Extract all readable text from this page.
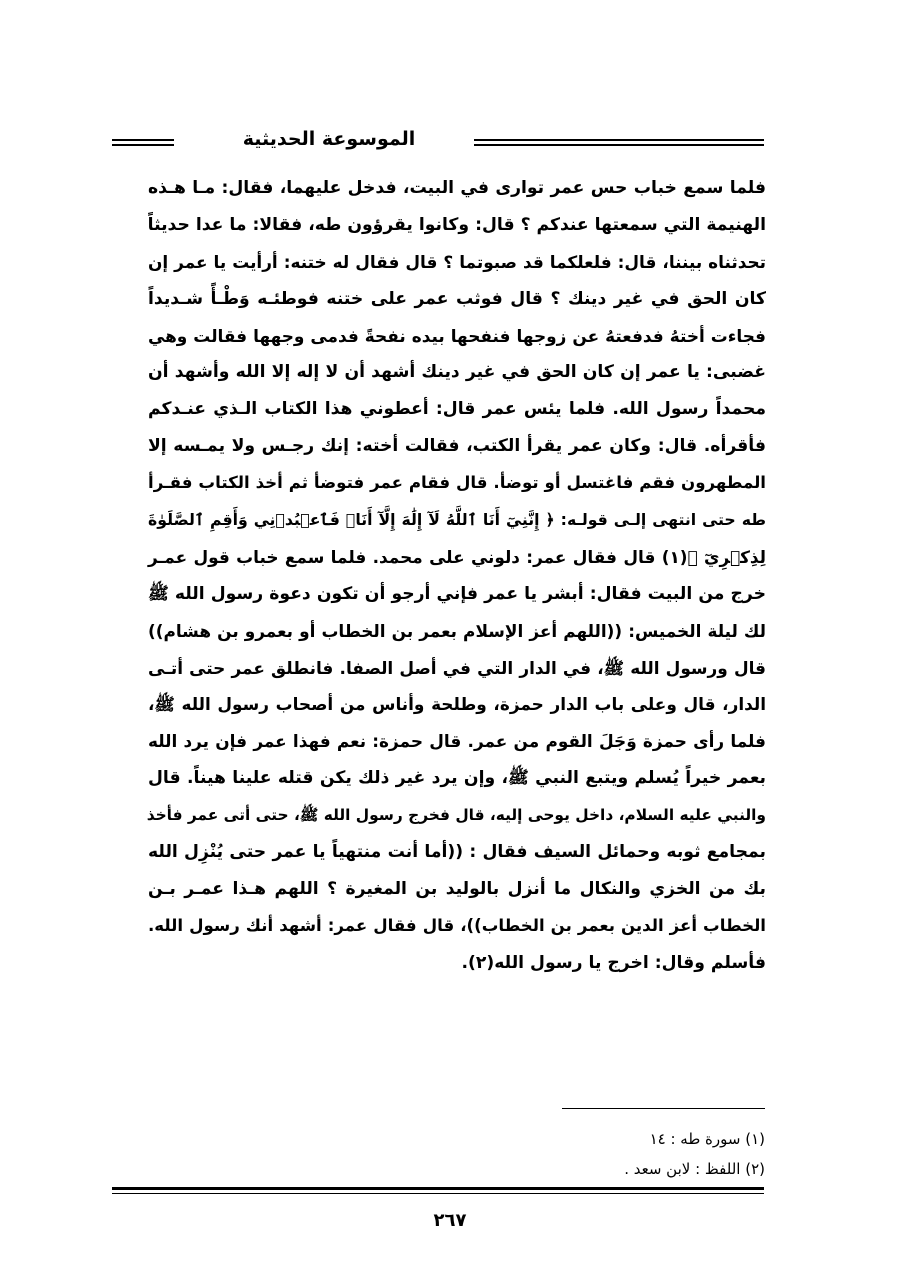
الموسوعة الحديثية
فلما سمع خباب حس عمر توارى في البيت، فدخل عليهما، فقال: مـا هـذه
الهنيمة التي سمعتها عندكم ؟ قال: وكانوا يقرؤون طه، فقالا: ما عدا حديثاً
تحدثناه بيننا، قال: فلعلكما قد صبوتما ؟ قال فقال له ختنه: أرأيت يا عمر إن
كان الحق في غير دينك ؟ قال فوثب عمر على ختنه فوطئـه وَطْـأً شـديداً
فجاءت أختهُ فدفعتهُ عن زوجها فنفحها بيده نفحةً فدمى وجهها فقالت وهي
غضبى: يا عمر إن كان الحق في غير دينك أشهد أن لا إله إلا الله وأشهد أن
محمداً رسول الله. فلما يئس عمر قال: أعطوني هذا الكتاب الـذي عنـدكم
فأقرأه. قال: وكان عمر يقرأ الكتب، فقالت أخته: إنك رجـس ولا يمـسه إلا
المطهرون فقم فاغتسل أو توضأ. قال فقام عمر فتوضأ ثم أخذ الكتاب فقـرأ
طه حتى انتهى إلـى قولـه: ﴿ إِنَّنِيٓ أَنَا ٱللَّهُ لَآ إِلَٰهَ إِلَّآ أَنَا۠ فَٱعۡبُدۡنِي وَأَقِمِ ٱلصَّلَوٰةَ
لِذِكۡرِيٓ ﴾(١) قال فقال عمر: دلوني على محمد. فلما سمع خباب قول عمـر
خرج من البيت فقال: أبشر يا عمر فإني أرجو أن تكون دعوة رسول الله ﷺ
لك ليلة الخميس: ((اللهم أعز الإسلام بعمر بن الخطاب أو بعمرو بن هشام))
قال ورسول الله ﷺ، في الدار التي في أصل الصفا. فانطلق عمر حتى أتـى
الدار، قال وعلى باب الدار حمزة، وطلحة وأناس من أصحاب رسول الله ﷺ،
فلما رأى حمزة وَجَلَ القوم من عمر. قال حمزة: نعم فهذا عمر فإن يرد الله
بعمر خيراً يُسلم ويتبع النبي ﷺ، وإن يرد غير ذلك يكن قتله علينا هيناً. قال
والنبي عليه السلام، داخل يوحى إليه، قال فخرج رسول الله ﷺ، حتى أتى عمر فأخذ
بمجامع ثوبه وحمائل السيف فقال : ((أما أنت منتهياً يا عمر حتى يُنْزِل الله
بك من الخزي والنكال ما أنزل بالوليد بن المغيرة ؟ اللهم هـذا عمـر بـن
الخطاب أعز الدين بعمر بن الخطاب))، قال فقال عمر: أشهد أنك رسول الله.
فأسلم وقال: اخرج يا رسول الله(٢).
(١) سورة طه : ١٤
(٢) اللفظ : لابن سعد .
٢٦٧
